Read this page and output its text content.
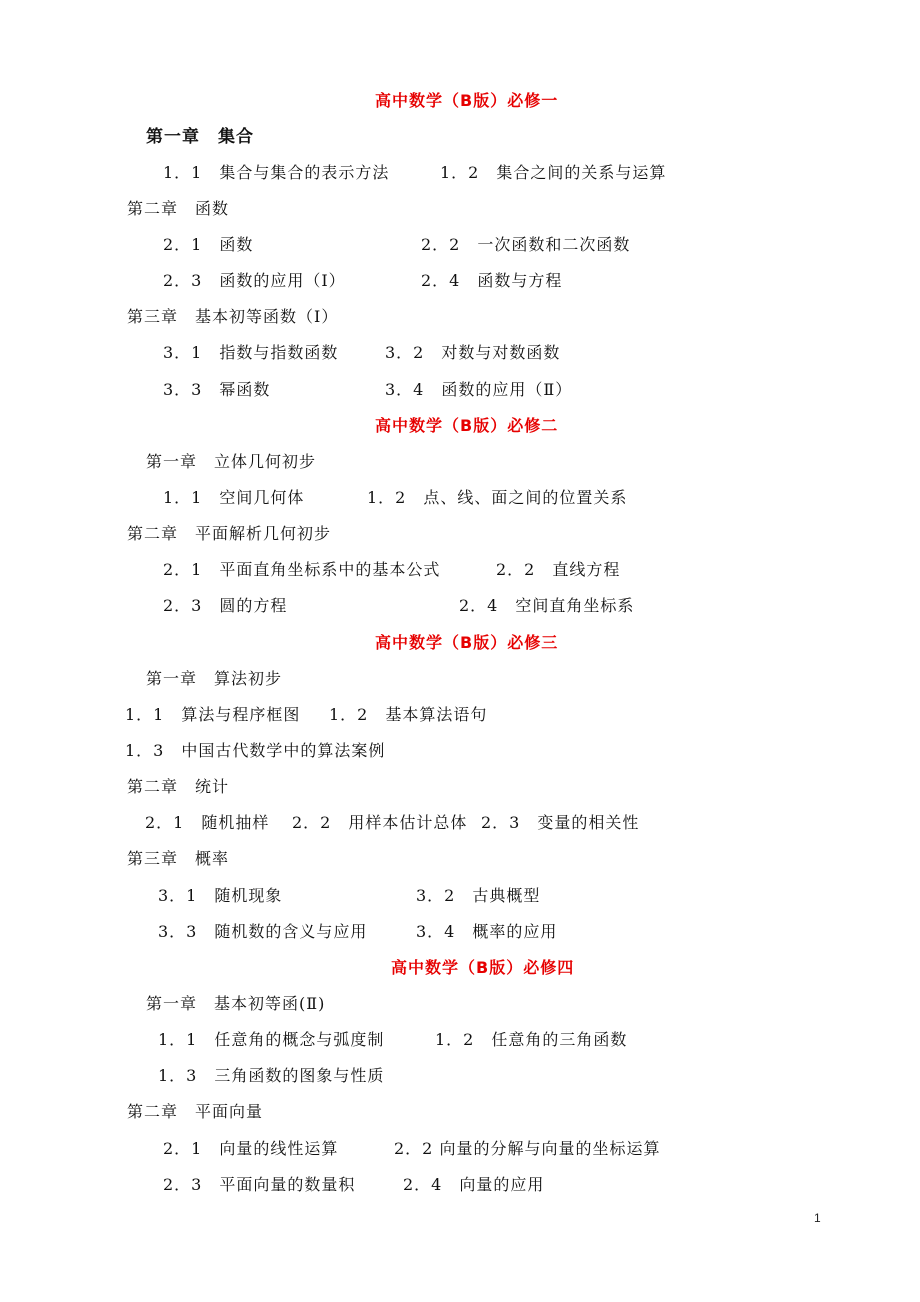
高中数学（B版）必修一
第一章　集合
1．1　集合与集合的表示方法	1．2　集合之间的关系与运算
第二章　函数
2．1　函数	2．2　一次函数和二次函数
2．3　函数的应用（Ⅰ）	2．4　函数与方程
第三章　基本初等函数（Ⅰ）
3．1　指数与指数函数	3．2　对数与对数函数
3．3　幂函数	3．4　函数的应用（Ⅱ）
高中数学（B版）必修二
第一章　立体几何初步
1．1　空间几何体	1．2　点、线、面之间的位置关系
第二章　平面解析几何初步
2．1　平面直角坐标系中的基本公式	2．2　直线方程
2．3　圆的方程	2．4　空间直角坐标系
高中数学（B版）必修三
第一章　算法初步
1．1　算法与程序框图 1．2　基本算法语句
1．3　中国古代数学中的算法案例
第二章　统计
2．1　随机抽样 2．2　用样本估计总体 2．3　变量的相关性
第三章　概率
3．1　随机现象	3．2　古典概型
3．3　随机数的含义与应用	3．4　概率的应用
高中数学（B版）必修四
第一章　基本初等函(Ⅱ)
1．1　任意角的概念与弧度制	1．2　任意角的三角函数
1．3　三角函数的图象与性质
第二章　平面向量
2．1　向量的线性运算	2．2 向量的分解与向量的坐标运算
2．3　平面向量的数量积	2．4　向量的应用
1
